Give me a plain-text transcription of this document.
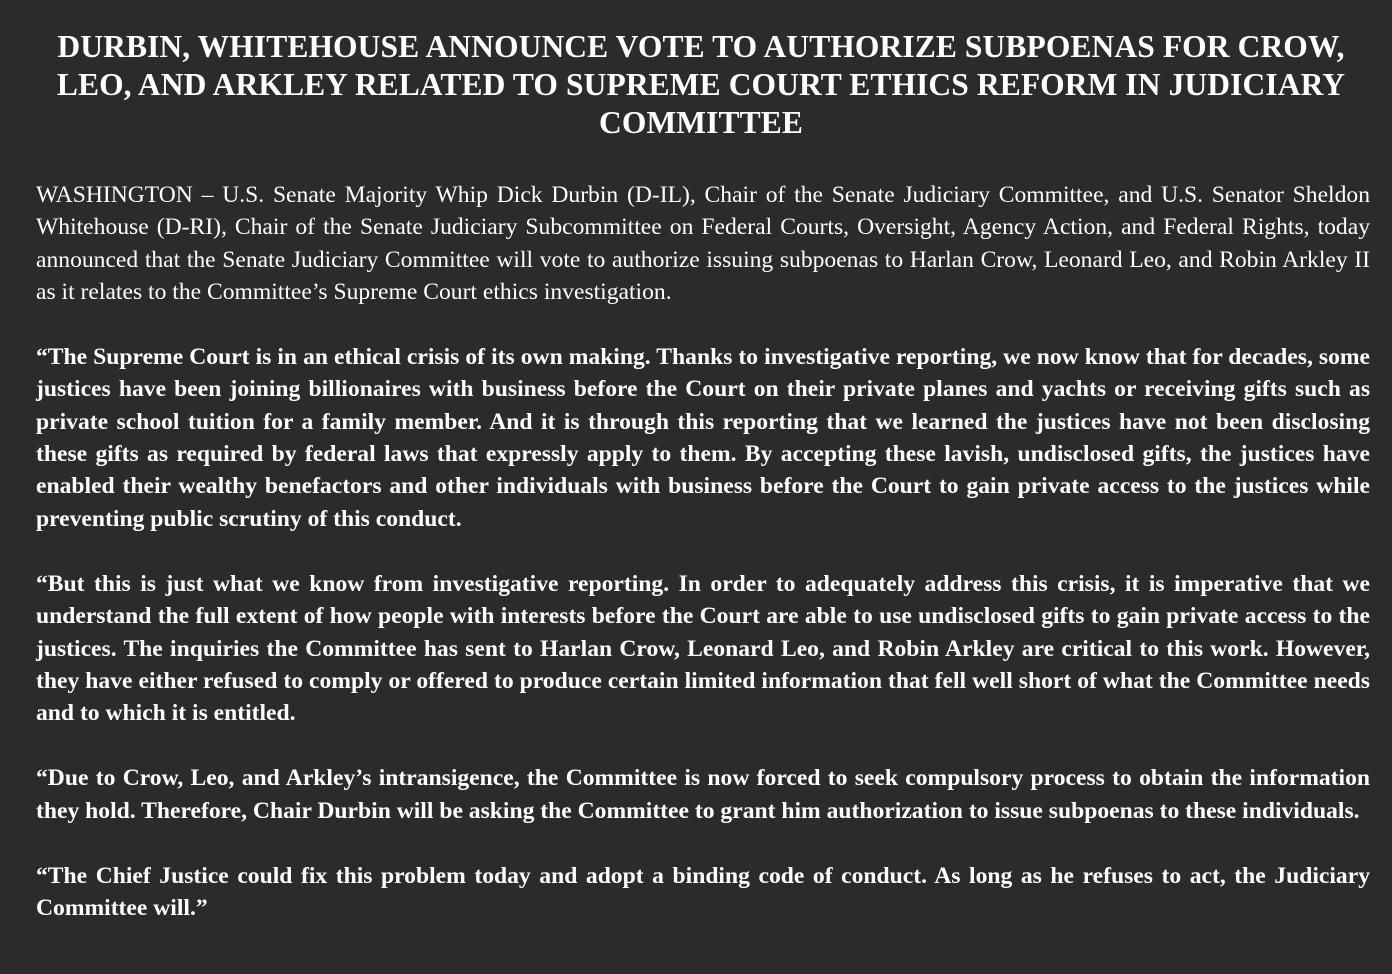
DURBIN, WHITEHOUSE ANNOUNCE VOTE TO AUTHORIZE SUBPOENAS FOR CROW, LEO, AND ARKLEY RELATED TO SUPREME COURT ETHICS REFORM IN JUDICIARY COMMITTEE

WASHINGTON – U.S. Senate Majority Whip Dick Durbin (D-IL), Chair of the Senate Judiciary Committee, and U.S. Senator Sheldon Whitehouse (D-RI), Chair of the Senate Judiciary Subcommittee on Federal Courts, Oversight, Agency Action, and Federal Rights, today announced that the Senate Judiciary Committee will vote to authorize issuing subpoenas to Harlan Crow, Leonard Leo, and Robin Arkley II as it relates to the Committee’s Supreme Court ethics investigation.

“The Supreme Court is in an ethical crisis of its own making. Thanks to investigative reporting, we now know that for decades, some justices have been joining billionaires with business before the Court on their private planes and yachts or receiving gifts such as private school tuition for a family member. And it is through this reporting that we learned the justices have not been disclosing these gifts as required by federal laws that expressly apply to them. By accepting these lavish, undisclosed gifts, the justices have enabled their wealthy benefactors and other individuals with business before the Court to gain private access to the justices while preventing public scrutiny of this conduct.

“But this is just what we know from investigative reporting. In order to adequately address this crisis, it is imperative that we understand the full extent of how people with interests before the Court are able to use undisclosed gifts to gain private access to the justices. The inquiries the Committee has sent to Harlan Crow, Leonard Leo, and Robin Arkley are critical to this work. However, they have either refused to comply or offered to produce certain limited information that fell well short of what the Committee needs and to which it is entitled.

“Due to Crow, Leo, and Arkley’s intransigence, the Committee is now forced to seek compulsory process to obtain the information they hold. Therefore, Chair Durbin will be asking the Committee to grant him authorization to issue subpoenas to these individuals.

“The Chief Justice could fix this problem today and adopt a binding code of conduct. As long as he refuses to act, the Judiciary Committee will.”
